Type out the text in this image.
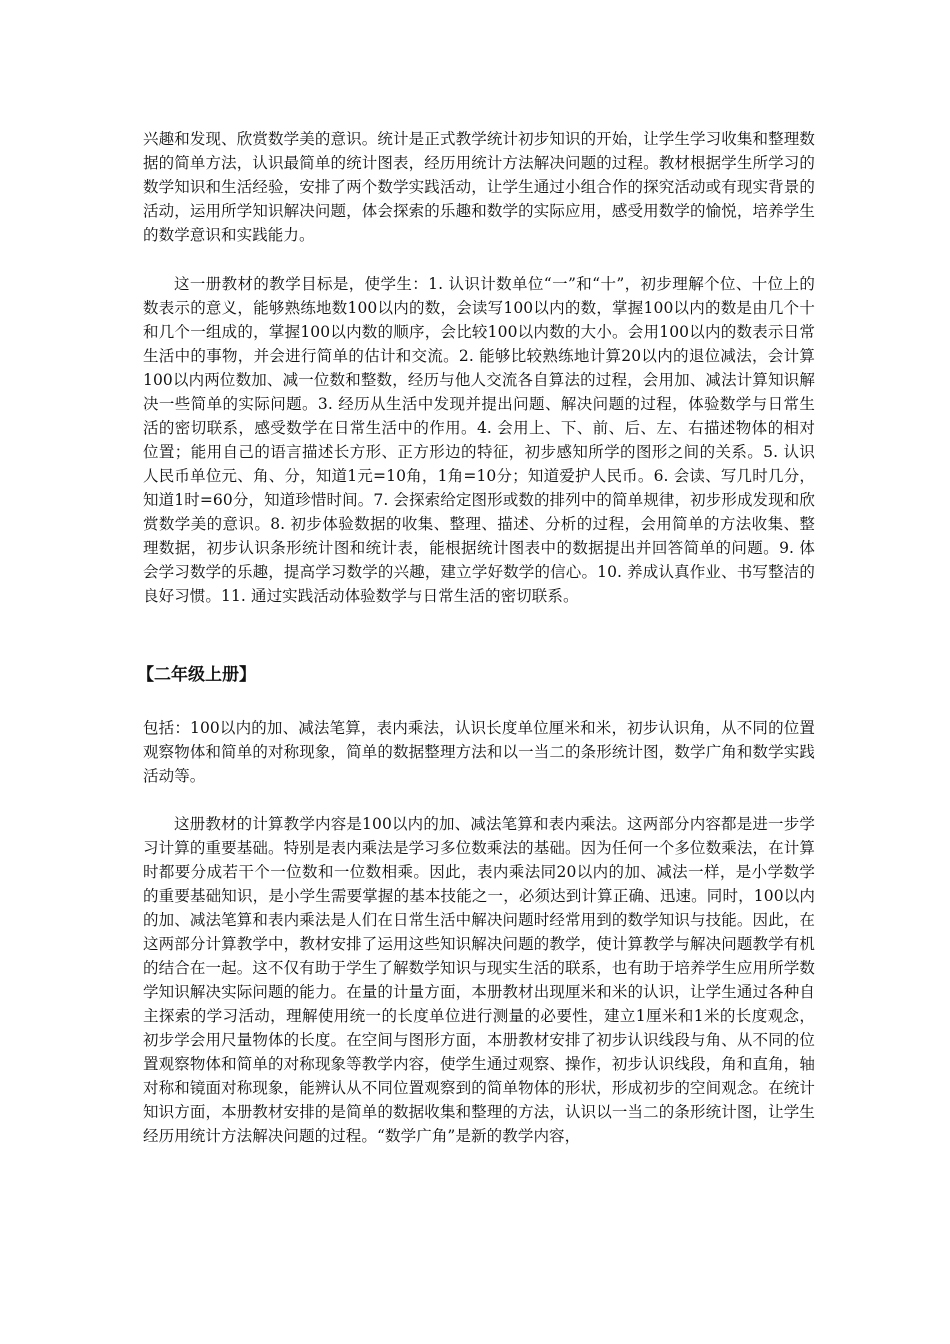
兴趣和发现、欣赏数学美的意识。统计是正式教学统计初步知识的开始，让学生学习收集和整理数据的简单方法，认识最简单的统计图表，经历用统计方法解决问题的过程。教材根据学生所学习的数学知识和生活经验，安排了两个数学实践活动，让学生通过小组合作的探究活动或有现实背景的活动，运用所学知识解决问题，体会探索的乐趣和数学的实际应用，感受用数学的愉悦，培养学生的数学意识和实践能力。

这一册教材的教学目标是，使学生：1. 认识计数单位“一”和“十”，初步理解个位、十位上的数表示的意义，能够熟练地数100以内的数，会读写100以内的数，掌握100以内的数是由几个十和几个一组成的，掌握100以内数的顺序，会比较100以内数的大小。会用100以内的数表示日常生活中的事物，并会进行简单的估计和交流。2. 能够比较熟练地计算20以内的退位减法，会计算100以内两位数加、减一位数和整数，经历与他人交流各自算法的过程，会用加、减法计算知识解决一些简单的实际问题。3. 经历从生活中发现并提出问题、解决问题的过程，体验数学与日常生活的密切联系，感受数学在日常生活中的作用。4. 会用上、下、前、后、左、右描述物体的相对位置；能用自己的语言描述长方形、正方形边的特征，初步感知所学的图形之间的关系。5. 认识人民币单位元、角、分，知道1元=10角，1角=10分；知道爱护人民币。6. 会读、写几时几分，知道1时=60分，知道珍惜时间。7. 会探索给定图形或数的排列中的简单规律，初步形成发现和欣赏数学美的意识。8. 初步体验数据的收集、整理、描述、分析的过程，会用简单的方法收集、整理数据，初步认识条形统计图和统计表，能根据统计图表中的数据提出并回答简单的问题。9. 体会学习数学的乐趣，提高学习数学的兴趣，建立学好数学的信心。10. 养成认真作业、书写整洁的良好习惯。11. 通过实践活动体验数学与日常生活的密切联系。

【二年级上册】

包括：100以内的加、减法笔算，表内乘法，认识长度单位厘米和米，初步认识角，从不同的位置观察物体和简单的对称现象，简单的数据整理方法和以一当二的条形统计图，数学广角和数学实践活动等。

这册教材的计算教学内容是100以内的加、减法笔算和表内乘法。这两部分内容都是进一步学习计算的重要基础。特别是表内乘法是学习多位数乘法的基础。因为任何一个多位数乘法，在计算时都要分成若干个一位数和一位数相乘。因此，表内乘法同20以内的加、减法一样，是小学数学的重要基础知识，是小学生需要掌握的基本技能之一，必须达到计算正确、迅速。同时，100以内的加、减法笔算和表内乘法是人们在日常生活中解决问题时经常用到的数学知识与技能。因此，在这两部分计算教学中，教材安排了运用这些知识解决问题的教学，使计算教学与解决问题教学有机的结合在一起。这不仅有助于学生了解数学知识与现实生活的联系，也有助于培养学生应用所学数学知识解决实际问题的能力。在量的计量方面，本册教材出现厘米和米的认识，让学生通过各种自主探索的学习活动，理解使用统一的长度单位进行测量的必要性，建立1厘米和1米的长度观念，初步学会用尺量物体的长度。在空间与图形方面，本册教材安排了初步认识线段与角、从不同的位置观察物体和简单的对称现象等教学内容，使学生通过观察、操作，初步认识线段，角和直角，轴对称和镜面对称现象，能辨认从不同位置观察到的简单物体的形状，形成初步的空间观念。在统计知识方面，本册教材安排的是简单的数据收集和整理的方法，认识以一当二的条形统计图，让学生经历用统计方法解决问题的过程。“数学广角”是新的教学内容，
